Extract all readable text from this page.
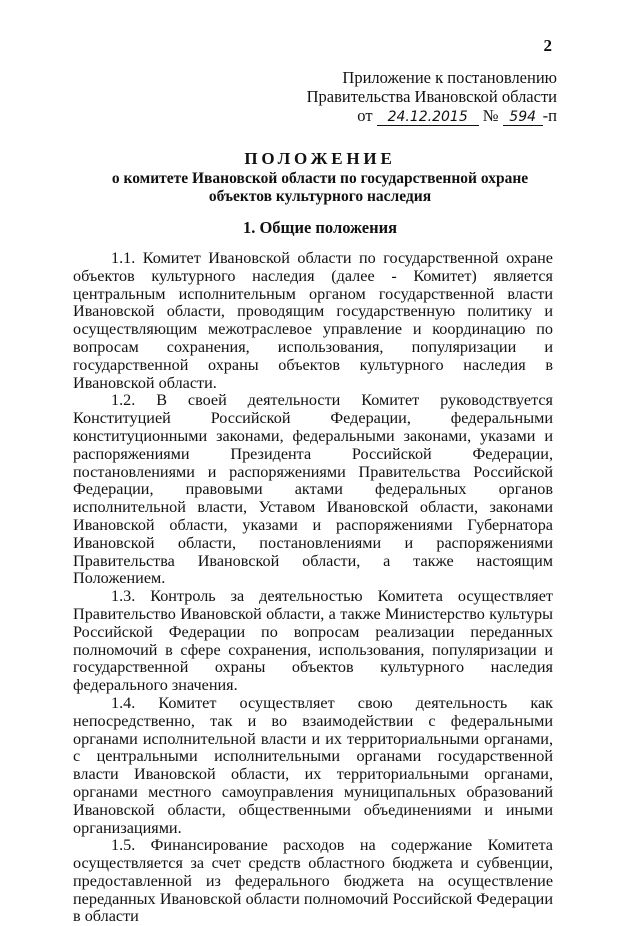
2
Приложение к постановлению
Правительства Ивановской области
от 24.12.2015 № 594 -п
ПОЛОЖЕНИЕ
о комитете Ивановской области по государственной охране
объектов культурного наследия
1. Общие положения

1.1. Комитет Ивановской области по государственной охране объектов культурного наследия (далее - Комитет) является центральным исполнительным органом государственной власти Ивановской области, проводящим государственную политику и осуществляющим межотраслевое управление и координацию по вопросам сохранения, использования, популяризации и государственной охраны объектов культурного наследия в Ивановской области.

1.2. В своей деятельности Комитет руководствуется Конституцией Российской Федерации, федеральными конституционными законами, федеральными законами, указами и распоряжениями Президента Российской Федерации, постановлениями и распоряжениями Правительства Российской Федерации, правовыми актами федеральных органов исполнительной власти, Уставом Ивановской области, законами Ивановской области, указами и распоряжениями Губернатора Ивановской области, постановлениями и распоряжениями Правительства Ивановской области, а также настоящим Положением.

1.3. Контроль за деятельностью Комитета осуществляет Правительство Ивановской области, а также Министерство культуры Российской Федерации по вопросам реализации переданных полномочий в сфере сохранения, использования, популяризации и государственной охраны объектов культурного наследия федерального значения.

1.4. Комитет осуществляет свою деятельность как непосредственно, так и во взаимодействии с федеральными органами исполнительной власти и их территориальными органами, с центральными исполнительными органами государственной власти Ивановской области, их территориальными органами, органами местного самоуправления муниципальных образований Ивановской области, общественными объединениями и иными организациями.

1.5. Финансирование расходов на содержание Комитета осуществляется за счет средств областного бюджета и субвенции, предоставленной из федерального бюджета на осуществление переданных Ивановской области полномочий Российской Федерации в области
